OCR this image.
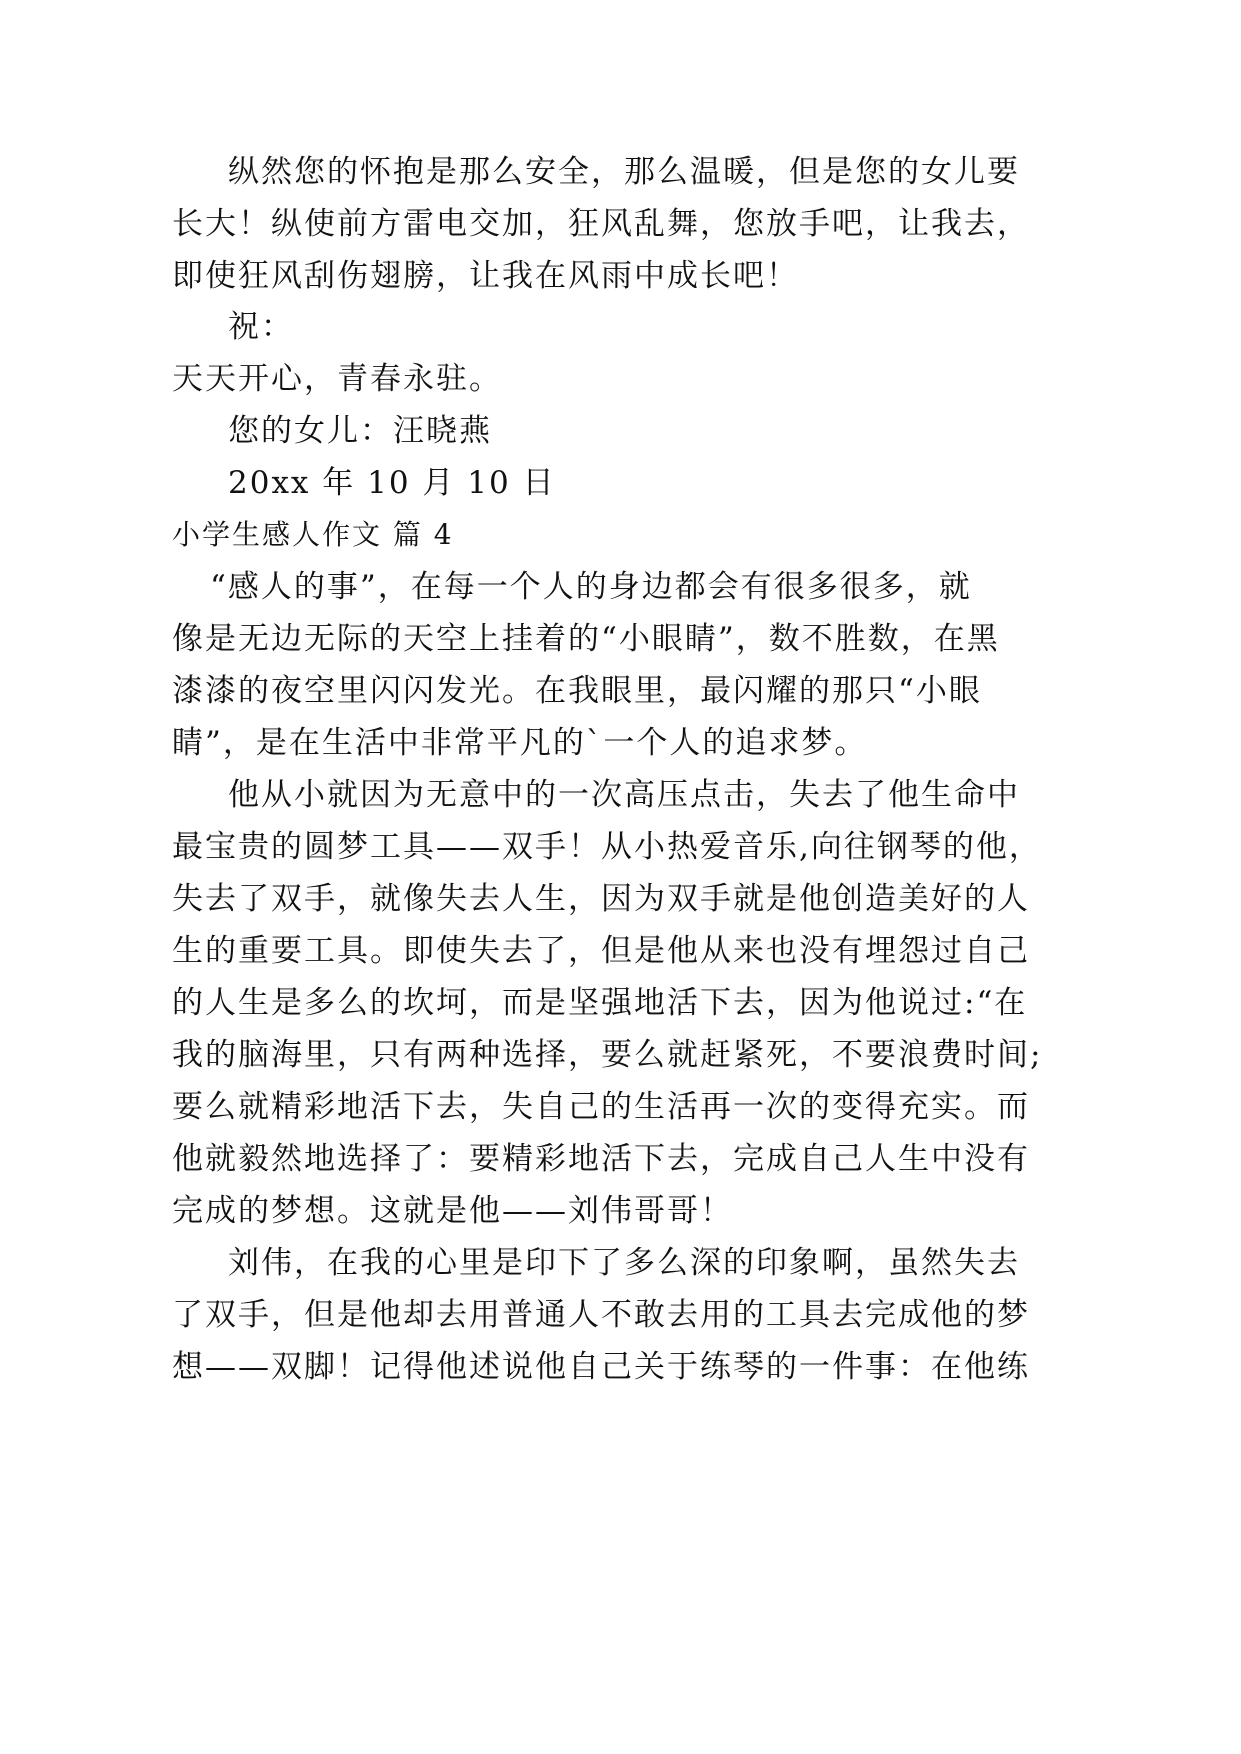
纵然您的怀抱是那么安全，那么温暖，但是您的女儿要
长大！纵使前方雷电交加，狂风乱舞，您放手吧，让我去，
即使狂风刮伤翅膀，让我在风雨中成长吧！
祝：
天天开心，青春永驻。
您的女儿：汪晓燕
20xx 年 10 月 10 日
小学生感人作文 篇 4
“感人的事”，在每一个人的身边都会有很多很多，就
像是无边无际的天空上挂着的“小眼睛”，数不胜数，在黑
漆漆的夜空里闪闪发光。在我眼里，最闪耀的那只“小眼
睛”，是在生活中非常平凡的`一个人的追求梦。
他从小就因为无意中的一次高压点击，失去了他生命中
最宝贵的圆梦工具——双手！从小热爱音乐,向往钢琴的他，
失去了双手，就像失去人生，因为双手就是他创造美好的人
生的重要工具。即使失去了，但是他从来也没有埋怨过自己
的人生是多么的坎坷，而是坚强地活下去，因为他说过:“在
我的脑海里，只有两种选择，要么就赶紧死，不要浪费时间;
要么就精彩地活下去，失自己的生活再一次的变得充实。而
他就毅然地选择了：要精彩地活下去，完成自己人生中没有
完成的梦想。这就是他——刘伟哥哥！
刘伟，在我的心里是印下了多么深的印象啊，虽然失去
了双手，但是他却去用普通人不敢去用的工具去完成他的梦
想——双脚！记得他述说他自己关于练琴的一件事：在他练
